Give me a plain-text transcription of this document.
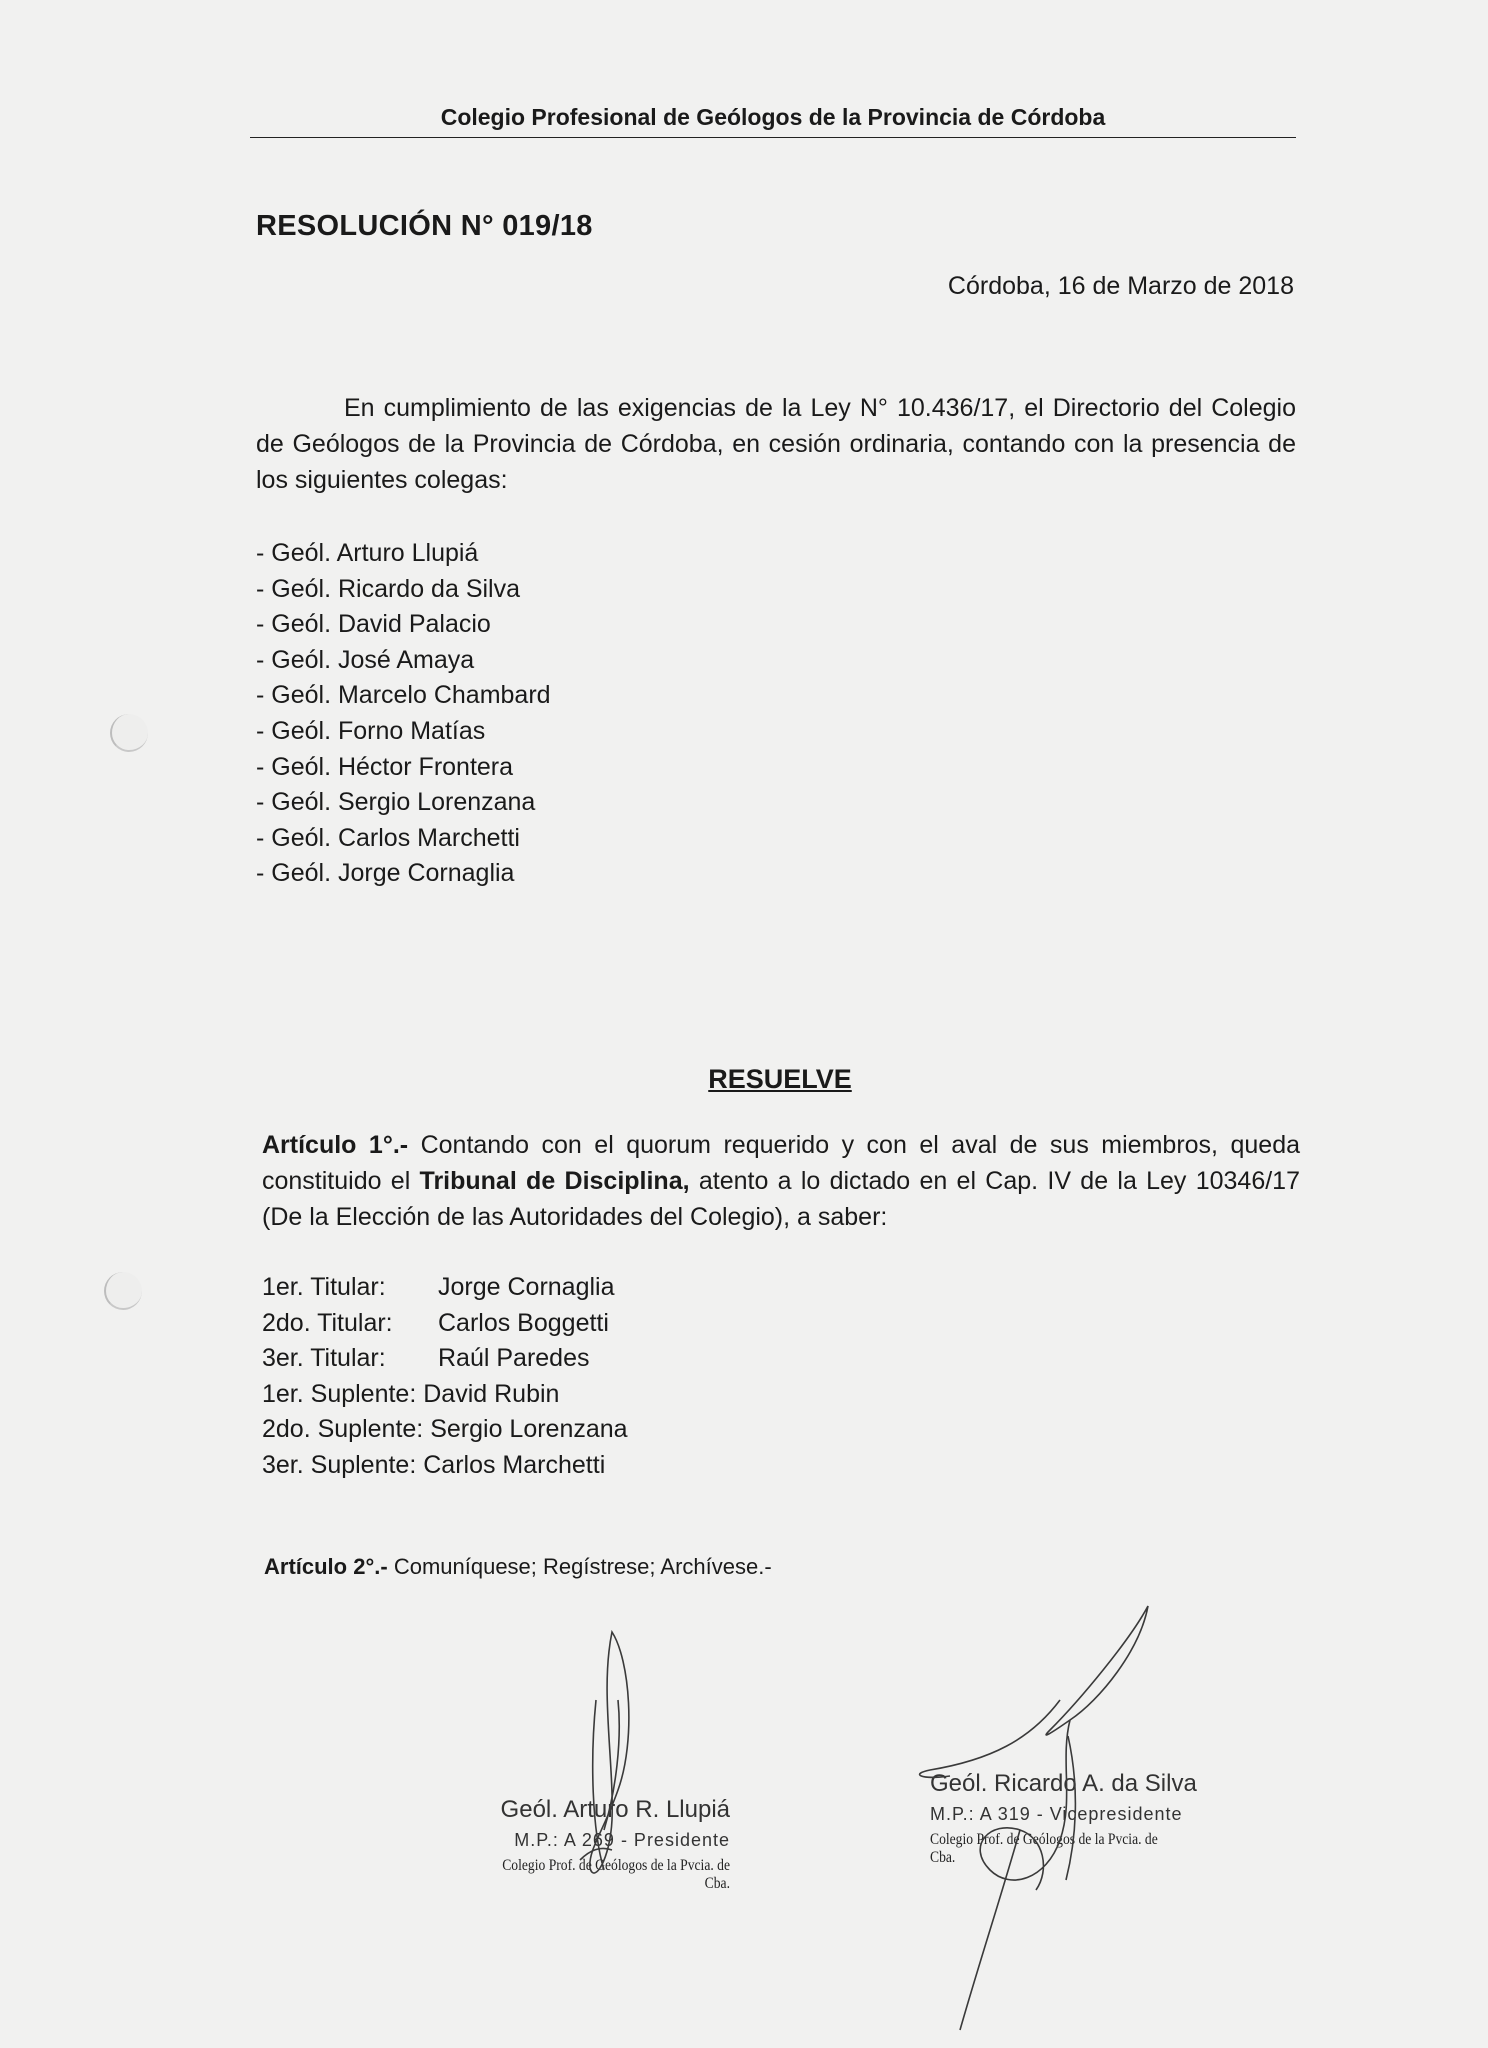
Colegio Profesional de Geólogos de la Provincia de Córdoba
RESOLUCIÓN N° 019/18
Córdoba, 16 de Marzo de 2018
En cumplimiento de las exigencias de la Ley N° 10.436/17, el Directorio del Colegio de Geólogos de la Provincia de Córdoba, en cesión ordinaria, contando con la presencia de los siguientes colegas:
- Geól. Arturo Llupiá
- Geól. Ricardo da Silva
- Geól. David Palacio
- Geól. José Amaya
- Geól. Marcelo Chambard
- Geól. Forno Matías
- Geól. Héctor Frontera
- Geól. Sergio Lorenzana
- Geól. Carlos Marchetti
- Geól. Jorge Cornaglia
RESUELVE
Artículo 1°.- Contando con el quorum requerido y con el aval de sus miembros, queda constituido el Tribunal de Disciplina, atento a lo dictado en el Cap. IV de la Ley 10346/17 (De la Elección de las Autoridades del Colegio), a saber:
1er. Titular:	Jorge Cornaglia
2do. Titular:	Carlos Boggetti
3er. Titular:	Raúl Paredes
1er. Suplente:
David Rubin
2do. Suplente:
Sergio Lorenzana
3er. Suplente:
Carlos Marchetti
Artículo 2°.- Comuníquese; Regístrese; Archívese.-
Geól. Arturo R. Llupiá
M.P.: A 269 - Presidente
Colegio Prof. de Geólogos de la Pvcia. de Cba.
Geól. Ricardo A. da Silva
M.P.: A 319 - Vicepresidente
Colegio Prof. de Geólogos de la Pvcia. de Cba.
